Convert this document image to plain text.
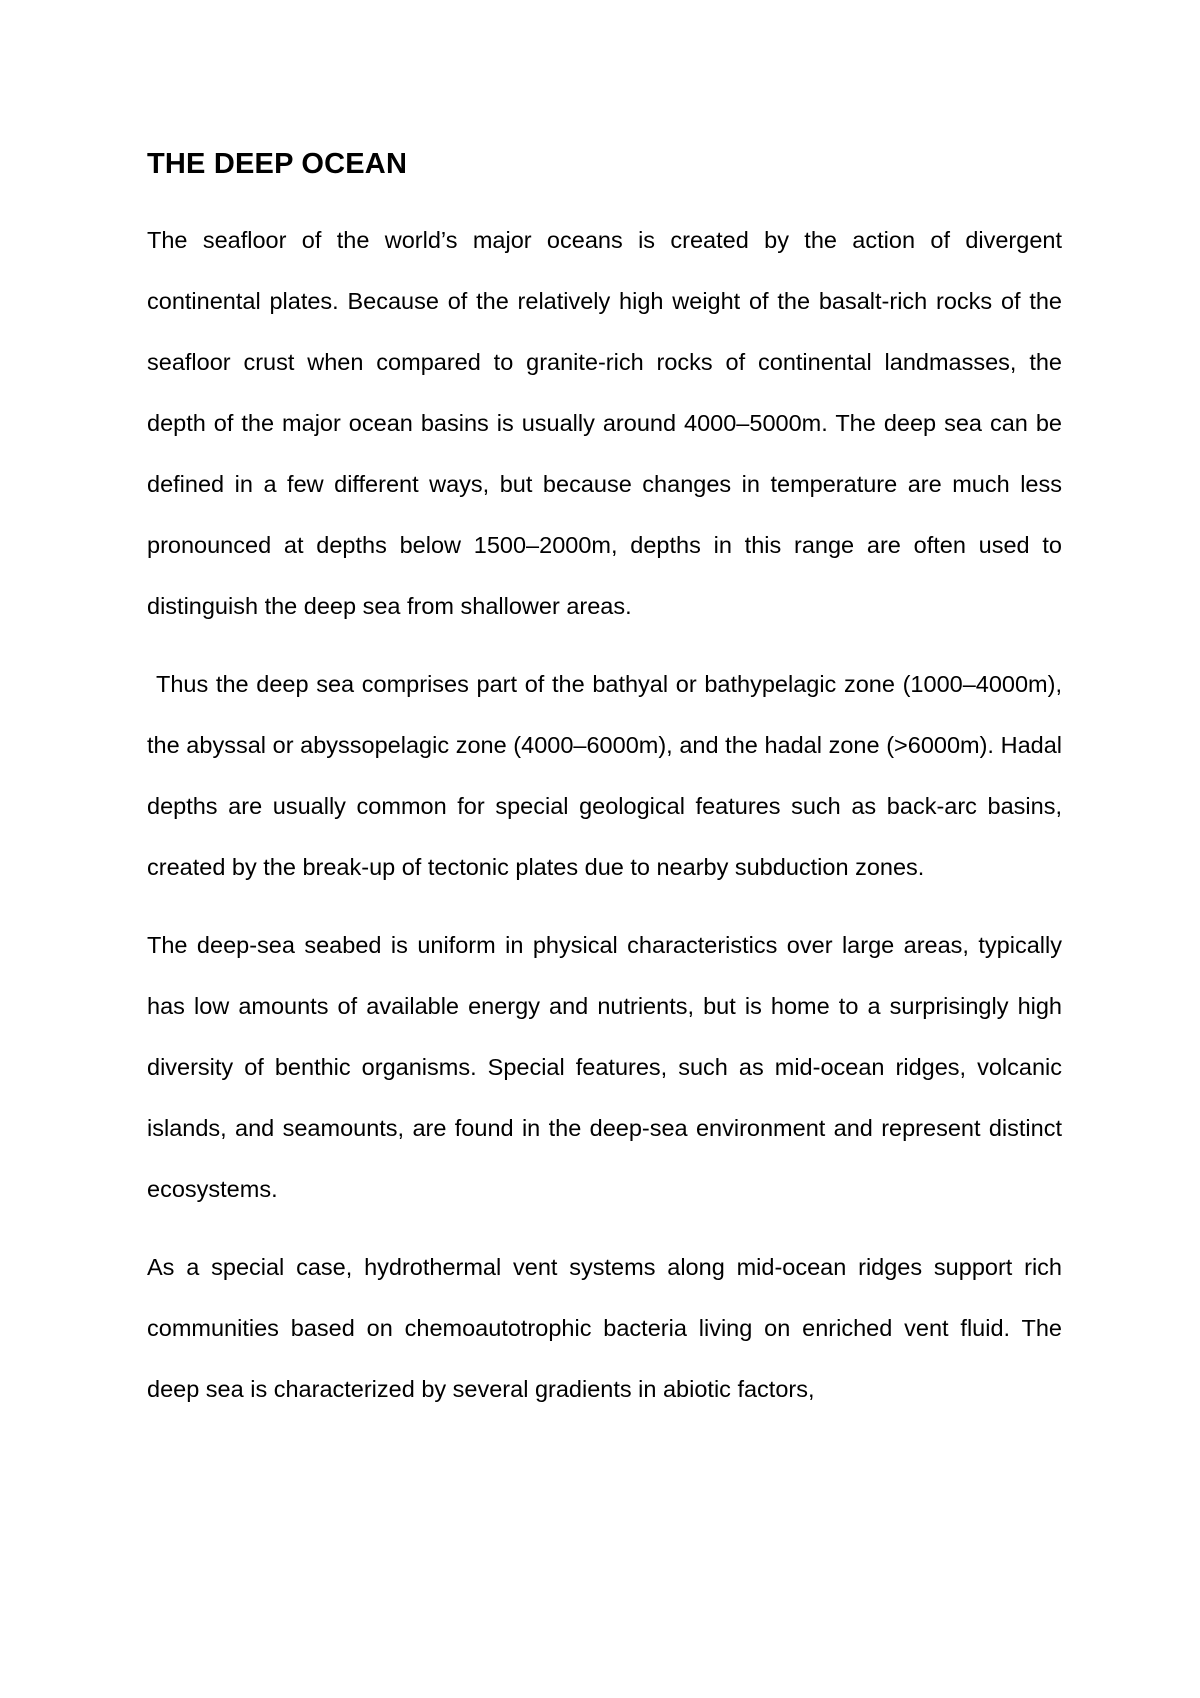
THE DEEP OCEAN

The seafloor of the world’s major oceans is created by the action of divergent continental plates. Because of the relatively high weight of the basalt-rich rocks of the seafloor crust when compared to granite-rich rocks of continental landmasses, the depth of the major ocean basins is usually around 4000–5000m. The deep sea can be defined in a few different ways, but because changes in temperature are much less pronounced at depths below 1500–2000m, depths in this range are often used to distinguish the deep sea from shallower areas.

Thus the deep sea comprises part of the bathyal or bathypelagic zone (1000–4000m), the abyssal or abyssopelagic zone (4000–6000m), and the hadal zone (>6000m). Hadal depths are usually common for special geological features such as back-arc basins, created by the break-up of tectonic plates due to nearby subduction zones.

The deep-sea seabed is uniform in physical characteristics over large areas, typically has low amounts of available energy and nutrients, but is home to a surprisingly high diversity of benthic organisms. Special features, such as mid-ocean ridges, volcanic islands, and seamounts, are found in the deep-sea environment and represent distinct ecosystems.

As a special case, hydrothermal vent systems along mid-ocean ridges support rich communities based on chemoautotrophic bacteria living on enriched vent fluid. The deep sea is characterized by several gradients in abiotic factors,
